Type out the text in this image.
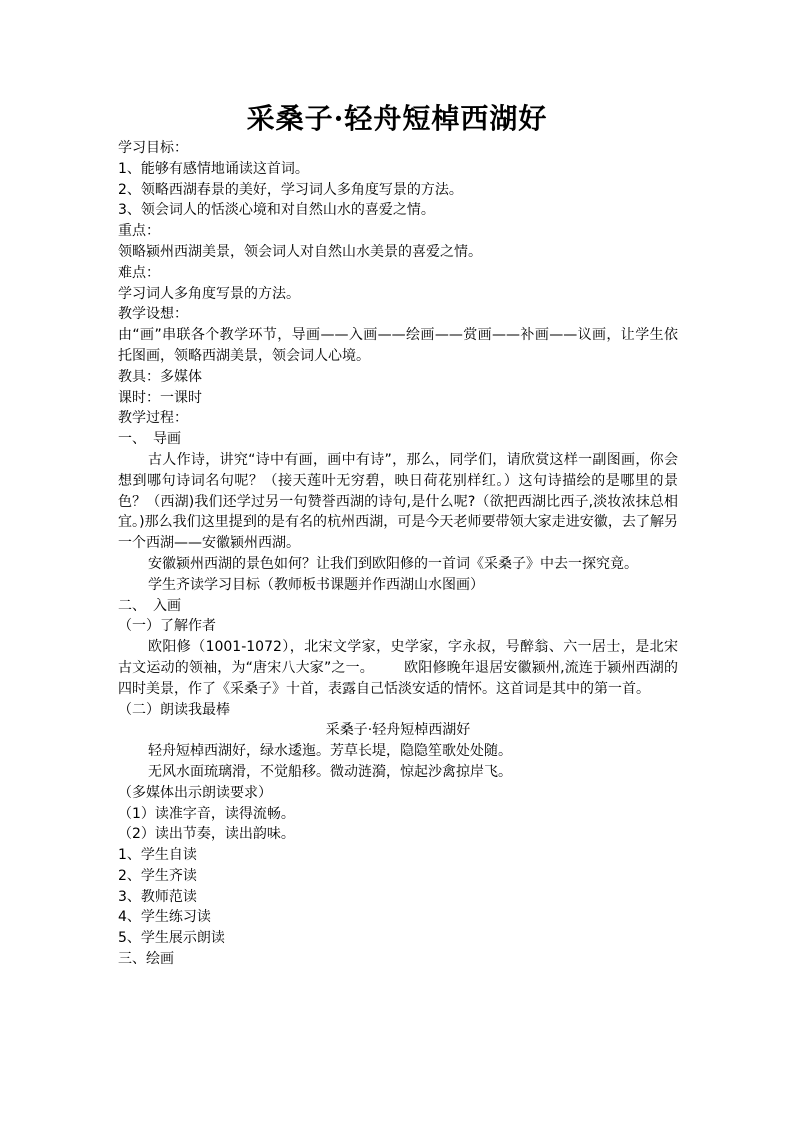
采桑子·轻舟短棹西湖好

学习目标：

1、能够有感情地诵读这首词。

2、领略西湖春景的美好，学习词人多角度写景的方法。

3、领会词人的恬淡心境和对自然山水的喜爱之情。

重点：

领略颍州西湖美景，领会词人对自然山水美景的喜爱之情。

难点：

学习词人多角度写景的方法。

教学设想：

由“画”串联各个教学环节，导画——入画——绘画——赏画——补画——议画，让学生依托图画，领略西湖美景，领会词人心境。

教具：多媒体

课时：一课时

教学过程：

一、　导画

古人作诗，讲究“诗中有画，画中有诗”，那么，同学们，请欣赏这样一副图画，你会想到哪句诗词名句呢？（接天莲叶无穷碧，映日荷花别样红。）这句诗描绘的是哪里的景色？（西湖)我们还学过另一句赞誉西湖的诗句,是什么呢?（欲把西湖比西子,淡妆浓抹总相宜。)那么我们这里提到的是有名的杭州西湖，可是今天老师要带领大家走进安徽，去了解另一个西湖——安徽颍州西湖。

安徽颍州西湖的景色如何？让我们到欧阳修的一首词《采桑子》中去一探究竟。

学生齐读学习目标（教师板书课题并作西湖山水图画）

二、　入画

（一）了解作者

欧阳修（1001-1072），北宋文学家，史学家，字永叔，号醉翁、六一居士，是北宋古文运动的领袖，为“唐宋八大家”之一。 欧阳修晚年退居安徽颍州,流连于颍州西湖的四时美景，作了《采桑子》十首，表露自己恬淡安适的情怀。这首词是其中的第一首。

（二）朗读我最棒

采桑子·轻舟短棹西湖好

轻舟短棹西湖好，绿水逶迤。芳草长堤，隐隐笙歌处处随。

无风水面琉璃滑，不觉船移。微动涟漪，惊起沙禽掠岸飞。

（多媒体出示朗读要求）

（1）读准字音，读得流畅。

（2）读出节奏，读出韵味。

1、学生自读

2、学生齐读

3、教师范读

4、学生练习读

5、学生展示朗读

三、绘画
